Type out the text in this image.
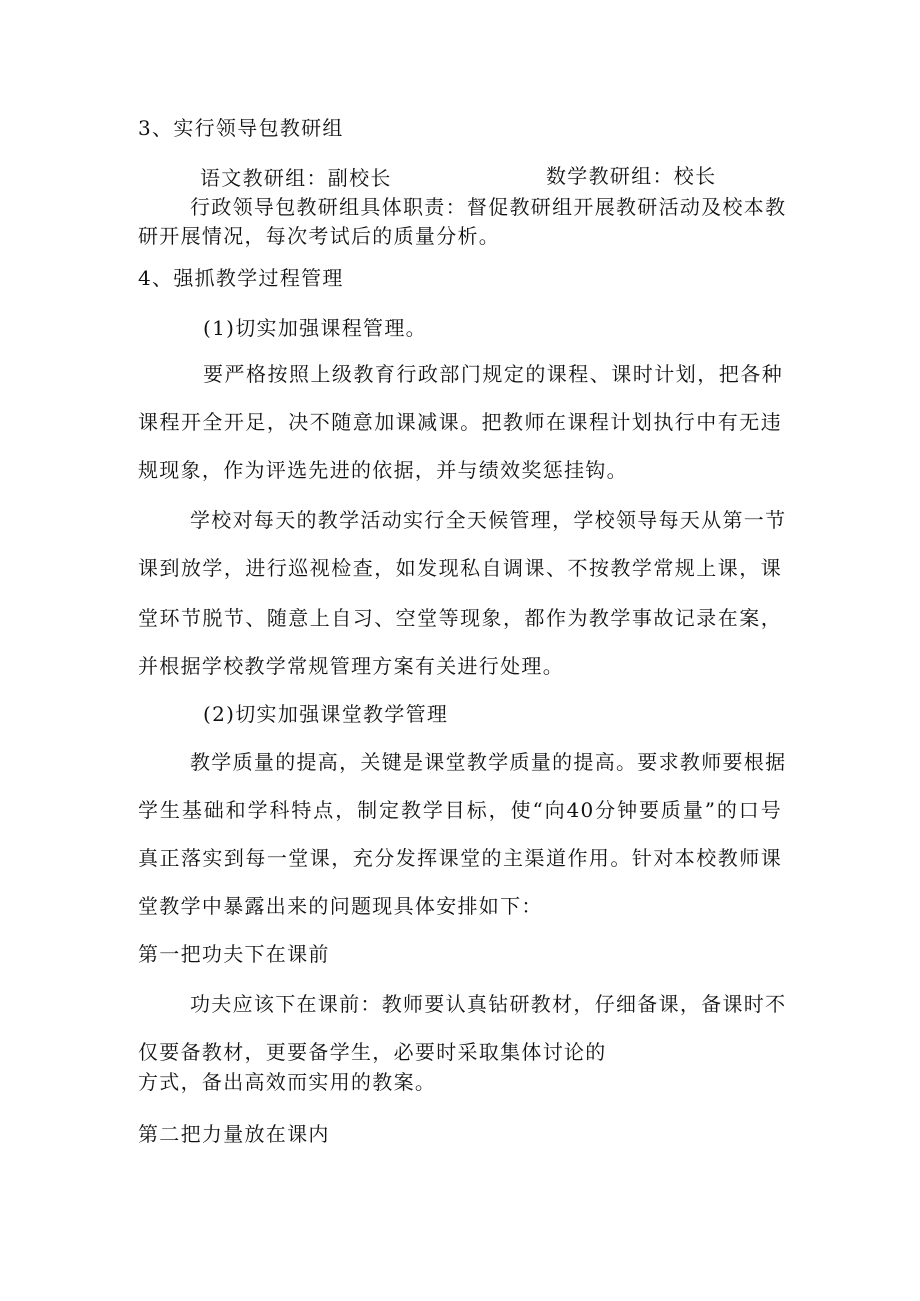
3、实行领导包教研组
语文教研组：副校长	数学教研组：校长
行政领导包教研组具体职责：督促教研组开展教研活动及校本教
研开展情况，每次考试后的质量分析。
4、强抓教学过程管理
(1)切实加强课程管理。
要严格按照上级教育行政部门规定的课程、课时计划，把各种
课程开全开足，决不随意加课减课。把教师在课程计划执行中有无违
规现象，作为评选先进的依据，并与绩效奖惩挂钩。
学校对每天的教学活动实行全天候管理，学校领导每天从第一节
课到放学，进行巡视检查，如发现私自调课、不按教学常规上课，课
堂环节脱节、随意上自习、空堂等现象，都作为教学事故记录在案，
并根据学校教学常规管理方案有关进行处理。
(2)切实加强课堂教学管理
教学质量的提高，关键是课堂教学质量的提高。要求教师要根据
学生基础和学科特点，制定教学目标，使“向40分钟要质量”的口号
真正落实到每一堂课，充分发挥课堂的主渠道作用。针对本校教师课
堂教学中暴露出来的问题现具体安排如下：
第一把功夫下在课前
功夫应该下在课前：教师要认真钻研教材，仔细备课，备课时不
仅要备教材，更要备学生，必要时采取集体讨论的
方式，备出高效而实用的教案。
第二把力量放在课内
